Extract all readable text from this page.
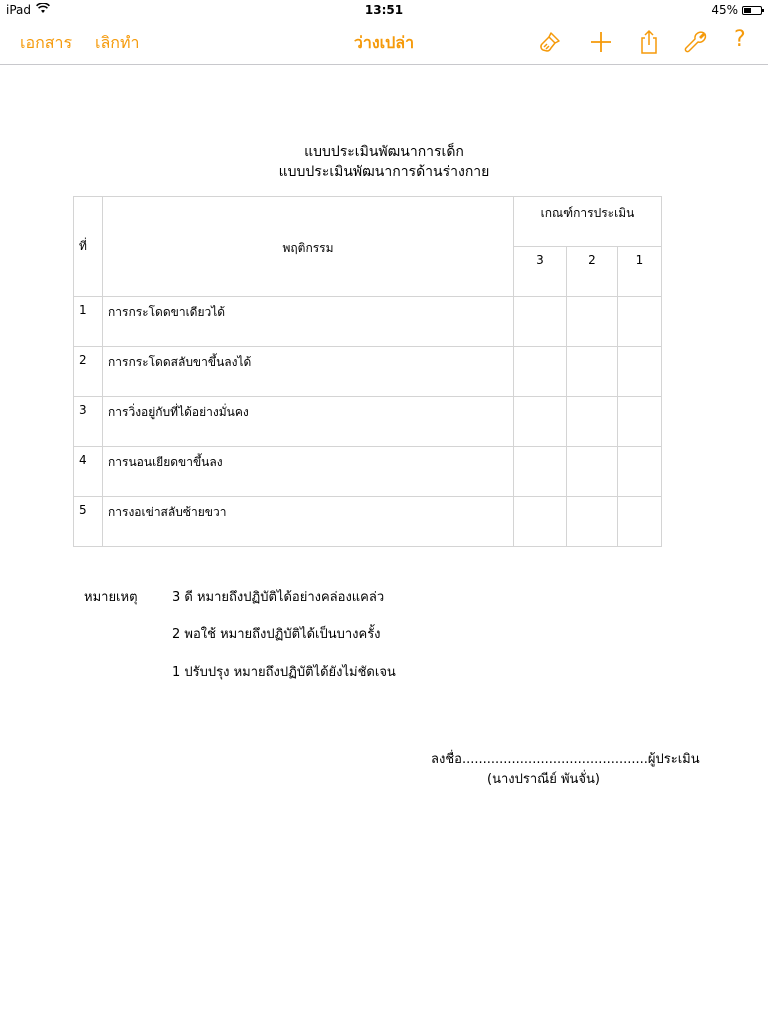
iPad	13:51	45%
เอกสาร เลิกทำ	ว่างเปล่า	?
แบบประเมินพัฒนาการเด็ก
แบบประเมินพัฒนาการด้านร่างกาย
ที่	พฤติกรรม	เกณฑ์การประเมิน		
		3	2	1
1	การกระโดดขาเดียวได้			
2	การกระโดดสลับขาขึ้นลงได้			
3	การวิ่งอยู่กับที่ได้อย่างมั่นคง			
4	การนอนเยียดขาขึ้นลง			
5	การงอเข่าสลับซ้ายขวา			
หมายเหตุ	3 ดี หมายถึงปฏิบัติได้อย่างคล่องแคล่ว
2 พอใช้ หมายถึงปฏิบัติได้เป็นบางครั้ง
1 ปรับปรุง หมายถึงปฏิบัติได้ยังไม่ชัดเจน
ลงชื่อ.............................................ผู้ประเมิน
(นางปราณีย์ พันจั่น)
